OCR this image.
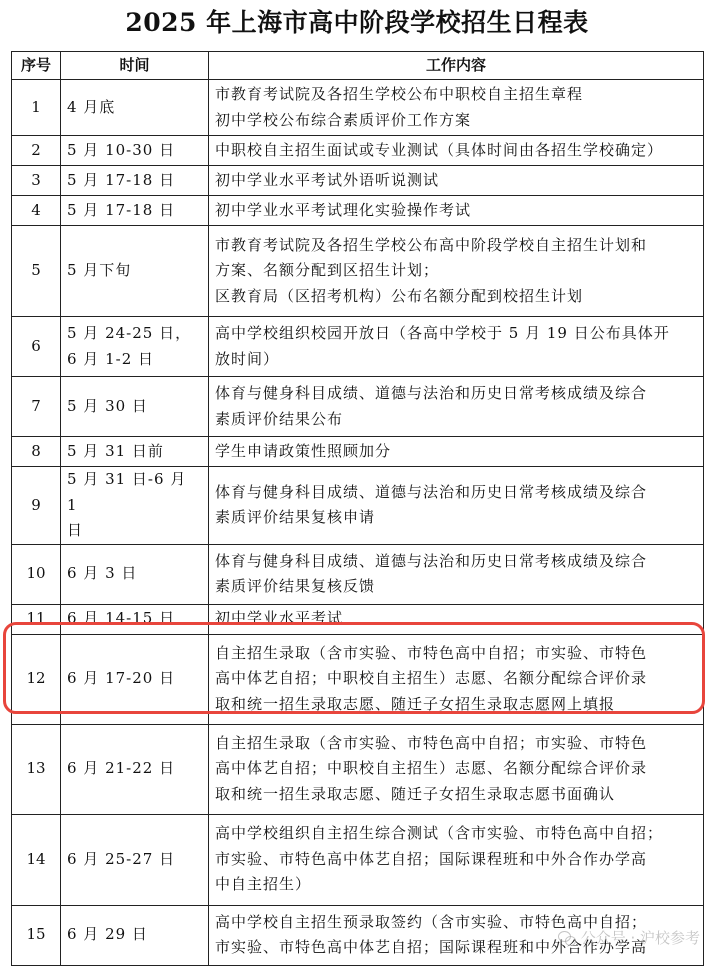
2025 年上海市高中阶段学校招生日程表
序号	时间	工作内容
1	4 月底	市教育考试院及各招生学校公布中职校自主招生章程
初中学校公布综合素质评价工作方案

2	5 月 10-30 日	中职校自主招生面试或专业测试（具体时间由各招生学校确定）

3	5 月 17-18 日	初中学业水平考试外语听说测试

4	5 月 17-18 日	初中学业水平考试理化实验操作考试

5	5 月下旬	市教育考试院及各招生学校公布高中阶段学校自主招生计划和
方案、名额分配到区招生计划；
区教育局（区招考机构）公布名额分配到校招生计划

6	5 月 24-25 日，
6 月 1-2 日	高中学校组织校园开放日（各高中学校于 5 月 19 日公布具体开
放时间）

7	5 月 30 日	体育与健身科目成绩、道德与法治和历史日常考核成绩及综合
素质评价结果公布

8	5 月 31 日前	学生申请政策性照顾加分

9	5 月 31 日-6 月 1
日	体育与健身科目成绩、道德与法治和历史日常考核成绩及综合
素质评价结果复核申请

10	6 月 3 日	体育与健身科目成绩、道德与法治和历史日常考核成绩及综合
素质评价结果复核反馈

11	6 月 14-15 日	初中学业水平考试

12	6 月 17-20 日	自主招生录取（含市实验、市特色高中自招；市实验、市特色
高中体艺自招；中职校自主招生）志愿、名额分配综合评价录
取和统一招生录取志愿、随迁子女招生录取志愿网上填报

13	6 月 21-22 日	自主招生录取（含市实验、市特色高中自招；市实验、市特色
高中体艺自招；中职校自主招生）志愿、名额分配综合评价录
取和统一招生录取志愿、随迁子女招生录取志愿书面确认

14	6 月 25-27 日	高中学校组织自主招生综合测试（含市实验、市特色高中自招；
市实验、市特色高中体艺自招；国际课程班和中外合作办学高
中自主招生）

15	6 月 29 日	高中学校自主招生预录取签约（含市实验、市特色高中自招；
市实验、市特色高中体艺自招；国际课程班和中外合作办学高
公众号 · 沪校参考
